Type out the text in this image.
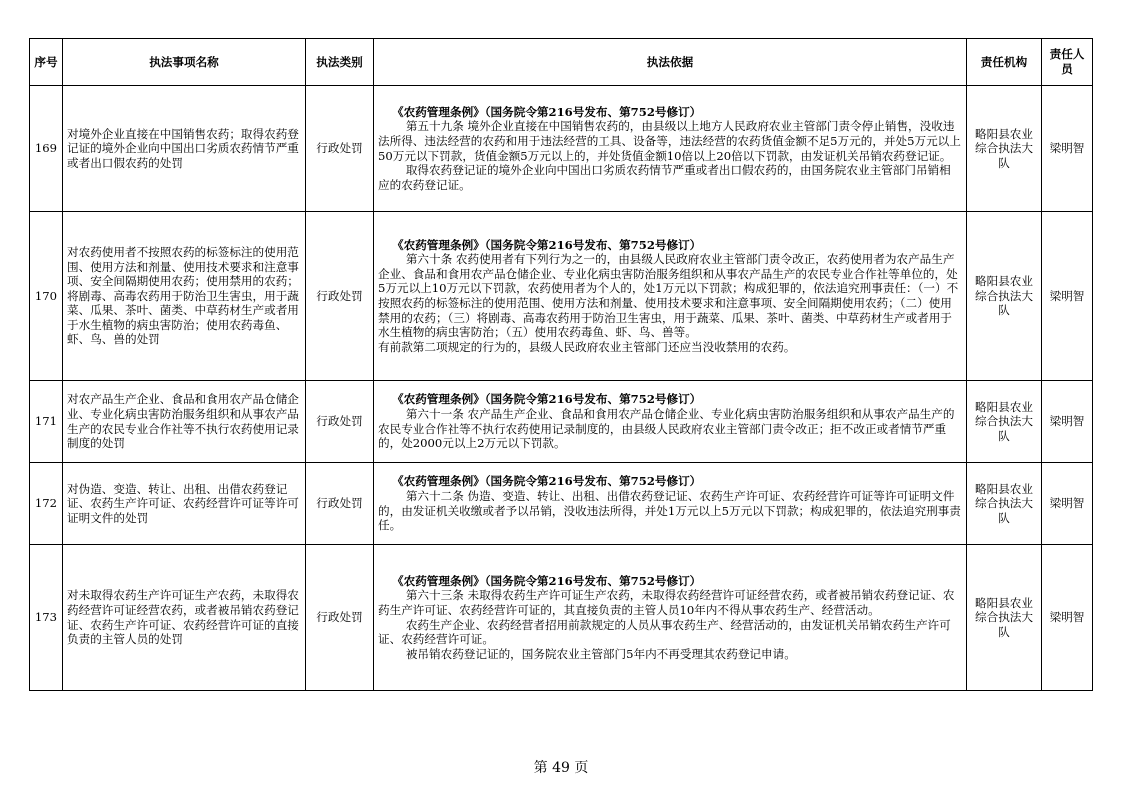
序号	执法事项名称	执法类别	执法依据	责任机构	责任人员
169	对境外企业直接在中国销售农药；取得农药登记证的境外企业向中国出口劣质农药情节严重或者出口假农药的处罚	行政处罚	《农药管理条例》（国务院令第216号发布、第752号修订）
第五十九条 境外企业直接在中国销售农药的，由县级以上地方人民政府农业主管部门责令停止销售，没收违法所得、违法经营的农药和用于违法经营的工具、设备等，违法经营的农药货值金额不足5万元的，并处5万元以上50万元以下罚款，货值金额5万元以上的，并处货值金额10倍以上20倍以下罚款，由发证机关吊销农药登记证。
取得农药登记证的境外企业向中国出口劣质农药情节严重或者出口假农药的，由国务院农业主管部门吊销相应的农药登记证。	略阳县农业综合执法大队	梁明智
170	对农药使用者不按照农药的标签标注的使用范围、使用方法和剂量、使用技术要求和注意事项、安全间隔期使用农药；使用禁用的农药；将剧毒、高毒农药用于防治卫生害虫，用于蔬菜、瓜果、茶叶、菌类、中草药材生产或者用于水生植物的病虫害防治；使用农药毒鱼、虾、鸟、兽的处罚	行政处罚	《农药管理条例》（国务院令第216号发布、第752号修订）
第六十条 农药使用者有下列行为之一的，由县级人民政府农业主管部门责令改正，农药使用者为农产品生产企业、食品和食用农产品仓储企业、专业化病虫害防治服务组织和从事农产品生产的农民专业合作社等单位的，处5万元以上10万元以下罚款，农药使用者为个人的，处1万元以下罚款；构成犯罪的，依法追究刑事责任：（一）不按照农药的标签标注的使用范围、使用方法和剂量、使用技术要求和注意事项、安全间隔期使用农药；（二）使用禁用的农药；（三）将剧毒、高毒农药用于防治卫生害虫，用于蔬菜、瓜果、茶叶、菌类、中草药材生产或者用于水生植物的病虫害防治；（五）使用农药毒鱼、虾、鸟、兽等。
有前款第二项规定的行为的，县级人民政府农业主管部门还应当没收禁用的农药。	略阳县农业综合执法大队	梁明智
171	对农产品生产企业、食品和食用农产品仓储企业、专业化病虫害防治服务组织和从事农产品生产的农民专业合作社等不执行农药使用记录制度的处罚	行政处罚	《农药管理条例》（国务院令第216号发布、第752号修订）
第六十一条 农产品生产企业、食品和食用农产品仓储企业、专业化病虫害防治服务组织和从事农产品生产的农民专业合作社等不执行农药使用记录制度的，由县级人民政府农业主管部门责令改正；拒不改正或者情节严重的，处2000元以上2万元以下罚款。	略阳县农业综合执法大队	梁明智
172	对伪造、变造、转让、出租、出借农药登记证、农药生产许可证、农药经营许可证等许可证明文件的处罚	行政处罚	《农药管理条例》（国务院令第216号发布、第752号修订）
第六十二条 伪造、变造、转让、出租、出借农药登记证、农药生产许可证、农药经营许可证等许可证明文件的，由发证机关收缴或者予以吊销，没收违法所得，并处1万元以上5万元以下罚款；构成犯罪的，依法追究刑事责任。	略阳县农业综合执法大队	梁明智
173	对未取得农药生产许可证生产农药，未取得农药经营许可证经营农药，或者被吊销农药登记证、农药生产许可证、农药经营许可证的直接负责的主管人员的处罚	行政处罚	《农药管理条例》（国务院令第216号发布、第752号修订）
第六十三条 未取得农药生产许可证生产农药，未取得农药经营许可证经营农药，或者被吊销农药登记证、农药生产许可证、农药经营许可证的，其直接负责的主管人员10年内不得从事农药生产、经营活动。
农药生产企业、农药经营者招用前款规定的人员从事农药生产、经营活动的，由发证机关吊销农药生产许可证、农药经营许可证。
被吊销农药登记证的，国务院农业主管部门5年内不再受理其农药登记申请。	略阳县农业综合执法大队	梁明智
第 49 页
